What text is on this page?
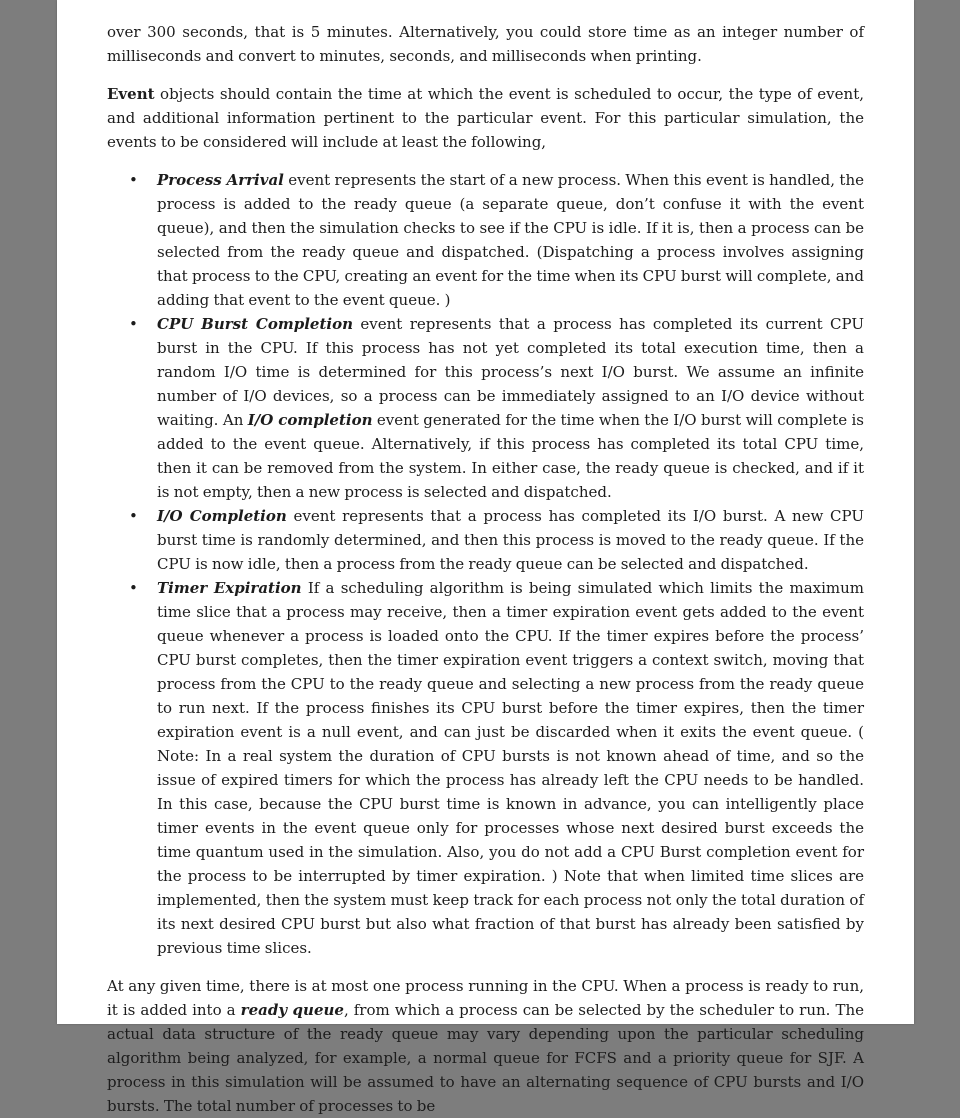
over 300 seconds, that is 5 minutes. Alternatively, you could store time as an integer number of milliseconds and convert to minutes, seconds, and milliseconds when printing.

Event objects should contain the time at which the event is scheduled to occur, the type of event, and additional information pertinent to the particular event. For this particular simulation, the events to be considered will include at least the following,

• Process Arrival event represents the start of a new process. When this event is handled, the process is added to the ready queue (a separate queue, don’t confuse it with the event queue), and then the simulation checks to see if the CPU is idle. If it is, then a process can be selected from the ready queue and dispatched. (Dispatching a process involves assigning that process to the CPU, creating an event for the time when its CPU burst will complete, and adding that event to the event queue. )
• CPU Burst Completion event represents that a process has completed its current CPU burst in the CPU. If this process has not yet completed its total execution time, then a random I/O time is determined for this process’s next I/O burst. We assume an infinite number of I/O devices, so a process can be immediately assigned to an I/O device without waiting. An I/O completion event generated for the time when the I/O burst will complete is added to the event queue. Alternatively, if this process has completed its total CPU time, then it can be removed from the system. In either case, the ready queue is checked, and if it is not empty, then a new process is selected and dispatched.
• I/O Completion event represents that a process has completed its I/O burst. A new CPU burst time is randomly determined, and then this process is moved to the ready queue. If the CPU is now idle, then a process from the ready queue can be selected and dispatched.
• Timer Expiration If a scheduling algorithm is being simulated which limits the maximum time slice that a process may receive, then a timer expiration event gets added to the event queue whenever a process is loaded onto the CPU. If the timer expires before the process’ CPU burst completes, then the timer expiration event triggers a context switch, moving that process from the CPU to the ready queue and selecting a new process from the ready queue to run next. If the process finishes its CPU burst before the timer expires, then the timer expiration event is a null event, and can just be discarded when it exits the event queue. ( Note: In a real system the duration of CPU bursts is not known ahead of time, and so the issue of expired timers for which the process has already left the CPU needs to be handled. In this case, because the CPU burst time is known in advance, you can intelligently place timer events in the event queue only for processes whose next desired burst exceeds the time quantum used in the simulation. Also, you do not add a CPU Burst completion event for the process to be interrupted by timer expiration. ) Note that when limited time slices are implemented, then the system must keep track for each process not only the total duration of its next desired CPU burst but also what fraction of that burst has already been satisfied by previous time slices.

At any given time, there is at most one process running in the CPU. When a process is ready to run, it is added into a ready queue, from which a process can be selected by the scheduler to run. The actual data structure of the ready queue may vary depending upon the particular scheduling algorithm being analyzed, for example, a normal queue for FCFS and a priority queue for SJF. A process in this simulation will be assumed to have an alternating sequence of CPU bursts and I/O bursts. The total number of processes to be
